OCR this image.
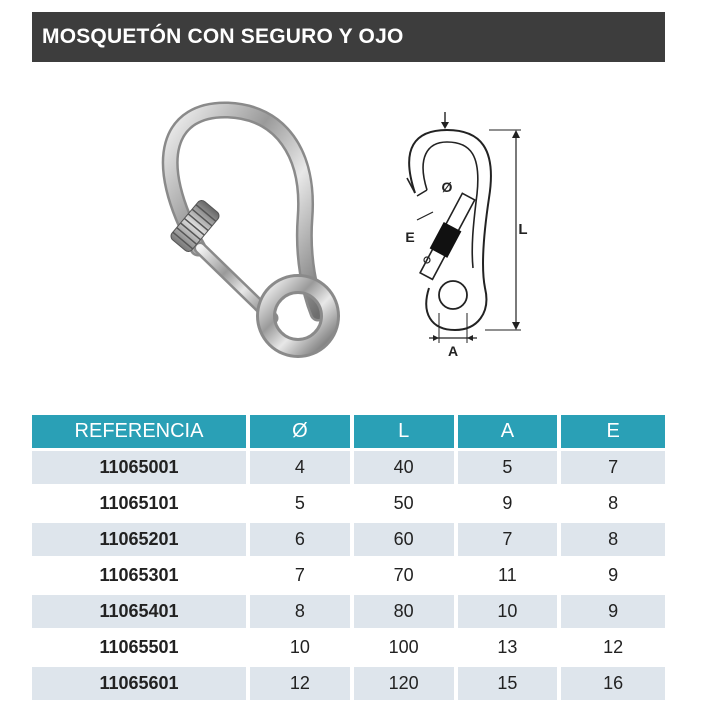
MOSQUETÓN CON SEGURO Y OJO
Ø
L
A
E
REFERENCIA	Ø	L	A	E
11065001	4	40	5	7
11065101	5	50	9	8
11065201	6	60	7	8
11065301	7	70	11	9
11065401	8	80	10	9
11065501	10	100	13	12
11065601	12	120	15	16
